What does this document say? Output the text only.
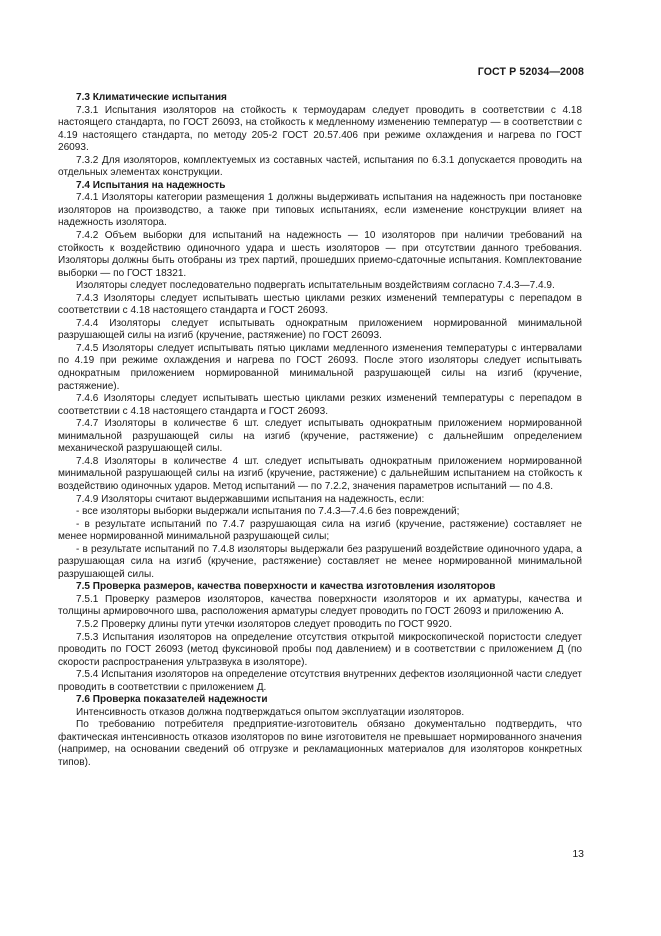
ГОСТ Р 52034—2008

7.3 Климатические испытания

7.3.1 Испытания изоляторов на стойкость к термоударам следует проводить в соответствии с 4.18 настоящего стандарта, по ГОСТ 26093, на стойкость к медленному изменению температур — в соответствии с 4.19 настоящего стандарта, по методу 205-2 ГОСТ 20.57.406 при режиме охлаждения и нагрева по ГОСТ 26093.

7.3.2 Для изоляторов, комплектуемых из составных частей, испытания по 6.3.1 допускается проводить на отдельных элементах конструкции.

7.4 Испытания на надежность

7.4.1 Изоляторы категории размещения 1 должны выдерживать испытания на надежность при постановке изоляторов на производство, а также при типовых испытаниях, если изменение конструкции влияет на надежность изолятора.

7.4.2 Объем выборки для испытаний на надежность — 10 изоляторов при наличии требований на стойкость к воздействию одиночного удара и шесть изоляторов — при отсутствии данного требования. Изоляторы должны быть отобраны из трех партий, прошедших приемо-сдаточные испытания. Комплектование выборки — по ГОСТ 18321.

Изоляторы следует последовательно подвергать испытательным воздействиям согласно 7.4.3—7.4.9.

7.4.3 Изоляторы следует испытывать шестью циклами резких изменений температуры с перепадом в соответствии с 4.18 настоящего стандарта и ГОСТ 26093.

7.4.4 Изоляторы следует испытывать однократным приложением нормированной минимальной разрушающей силы на изгиб (кручение, растяжение) по ГОСТ 26093.

7.4.5 Изоляторы следует испытывать пятью циклами медленного изменения температуры с интервалами по 4.19 при режиме охлаждения и нагрева по ГОСТ 26093. После этого изоляторы следует испытывать однократным приложением нормированной минимальной разрушающей силы на изгиб (кручение, растяжение).

7.4.6 Изоляторы следует испытывать шестью циклами резких изменений температуры с перепадом в соответствии с 4.18 настоящего стандарта и ГОСТ 26093.

7.4.7 Изоляторы в количестве 6 шт. следует испытывать однократным приложением нормированной минимальной разрушающей силы на изгиб (кручение, растяжение) с дальнейшим определением механической разрушающей силы.

7.4.8 Изоляторы в количестве 4 шт. следует испытывать однократным приложением нормированной минимальной разрушающей силы на изгиб (кручение, растяжение) с дальнейшим испытанием на стойкость к воздействию одиночных ударов. Метод испытаний — по 7.2.2, значения параметров испытаний — по 4.8.

7.4.9 Изоляторы считают выдержавшими испытания на надежность, если:

- все изоляторы выборки выдержали испытания по 7.4.3—7.4.6 без повреждений;

- в результате испытаний по 7.4.7 разрушающая сила на изгиб (кручение, растяжение) составляет не менее нормированной минимальной разрушающей силы;

- в результате испытаний по 7.4.8 изоляторы выдержали без разрушений воздействие одиночного удара, а разрушающая сила на изгиб (кручение, растяжение) составляет не менее нормированной минимальной разрушающей силы.

7.5 Проверка размеров, качества поверхности и качества изготовления изоляторов

7.5.1 Проверку размеров изоляторов, качества поверхности изоляторов и их арматуры, качества и толщины армировочного шва, расположения арматуры следует проводить по ГОСТ 26093 и приложению А.

7.5.2 Проверку длины пути утечки изоляторов следует проводить по ГОСТ 9920.

7.5.3 Испытания изоляторов на определение отсутствия открытой микроскопической пористости следует проводить по ГОСТ 26093 (метод фуксиновой пробы под давлением) и в соответствии с приложением Д (по скорости распространения ультразвука в изоляторе).

7.5.4 Испытания изоляторов на определение отсутствия внутренних дефектов изоляционной части следует проводить в соответствии с приложением Д.

7.6 Проверка показателей надежности

Интенсивность отказов должна подтверждаться опытом эксплуатации изоляторов.

По требованию потребителя предприятие-изготовитель обязано документально подтвердить, что фактическая интенсивность отказов изоляторов по вине изготовителя не превышает нормированного значения (например, на основании сведений об отгрузке и рекламационных материалов для изоляторов конкретных типов).

13
